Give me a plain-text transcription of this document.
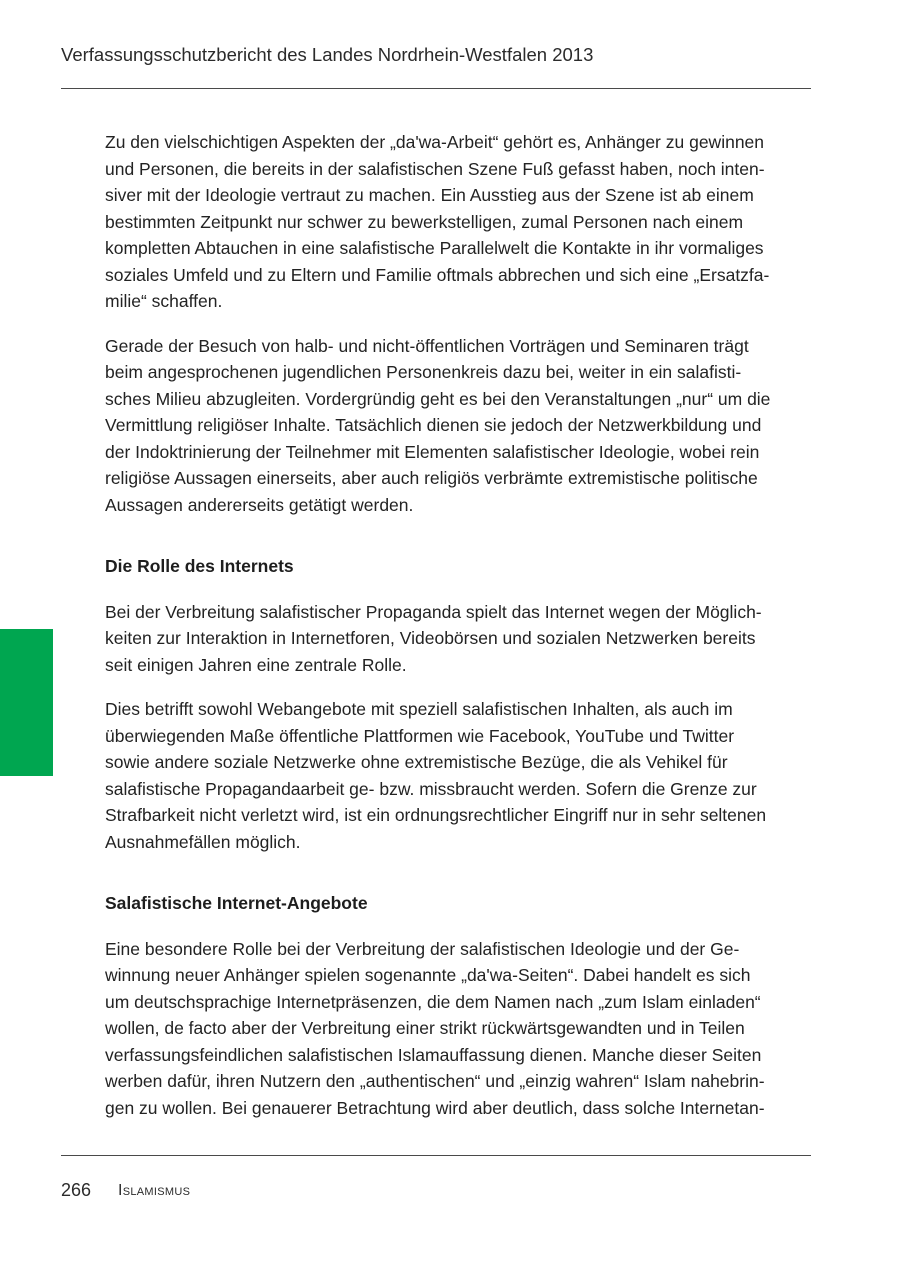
Verfassungsschutzbericht des Landes Nordrhein-Westfalen 2013

Zu den vielschichtigen Aspekten der „da'wa-Arbeit“ gehört es, Anhänger zu gewinnen
und Personen, die bereits in der salafistischen Szene Fuß gefasst haben, noch inten-
siver mit der Ideologie vertraut zu machen. Ein Ausstieg aus der Szene ist ab einem
bestimmten Zeitpunkt nur schwer zu bewerkstelligen, zumal Personen nach einem
kompletten Abtauchen in eine salafistische Parallelwelt die Kontakte in ihr vormaliges
soziales Umfeld und zu Eltern und Familie oftmals abbrechen und sich eine „Ersatzfa-
milie“ schaffen.

Gerade der Besuch von halb- und nicht-öffentlichen Vorträgen und Seminaren trägt
beim angesprochenen jugendlichen Personenkreis dazu bei, weiter in ein salafisti-
sches Milieu abzugleiten. Vordergründig geht es bei den Veranstaltungen „nur“ um die
Vermittlung religiöser Inhalte. Tatsächlich dienen sie jedoch der Netzwerkbildung und
der Indoktrinierung der Teilnehmer mit Elementen salafistischer Ideologie, wobei rein
religiöse Aussagen einerseits, aber auch religiös verbrämte extremistische politische
Aussagen andererseits getätigt werden.

Die Rolle des Internets

Bei der Verbreitung salafistischer Propaganda spielt das Internet wegen der Möglich-
keiten zur Interaktion in Internetforen, Videobörsen und sozialen Netzwerken bereits
seit einigen Jahren eine zentrale Rolle.

Dies betrifft sowohl Webangebote mit speziell salafistischen Inhalten, als auch im
überwiegenden Maße öffentliche Plattformen wie Facebook, YouTube und Twitter
sowie andere soziale Netzwerke ohne extremistische Bezüge, die als Vehikel für
salafistische Propagandaarbeit ge- bzw. missbraucht werden. Sofern die Grenze zur
Strafbarkeit nicht verletzt wird, ist ein ordnungsrechtlicher Eingriff nur in sehr seltenen
Ausnahmefällen möglich.

Salafistische Internet-Angebote

Eine besondere Rolle bei der Verbreitung der salafistischen Ideologie und der Ge-
winnung neuer Anhänger spielen sogenannte „da'wa-Seiten“. Dabei handelt es sich
um deutschsprachige Internetpräsenzen, die dem Namen nach „zum Islam einladen“
wollen, de facto aber der Verbreitung einer strikt rückwärtsgewandten und in Teilen
verfassungsfeindlichen salafistischen Islamauffassung dienen. Manche dieser Seiten
werben dafür, ihren Nutzern den „authentischen“ und „einzig wahren“ Islam nahebrin-
gen zu wollen. Bei genauerer Betrachtung wird aber deutlich, dass solche Internetan-

266 Islamismus
